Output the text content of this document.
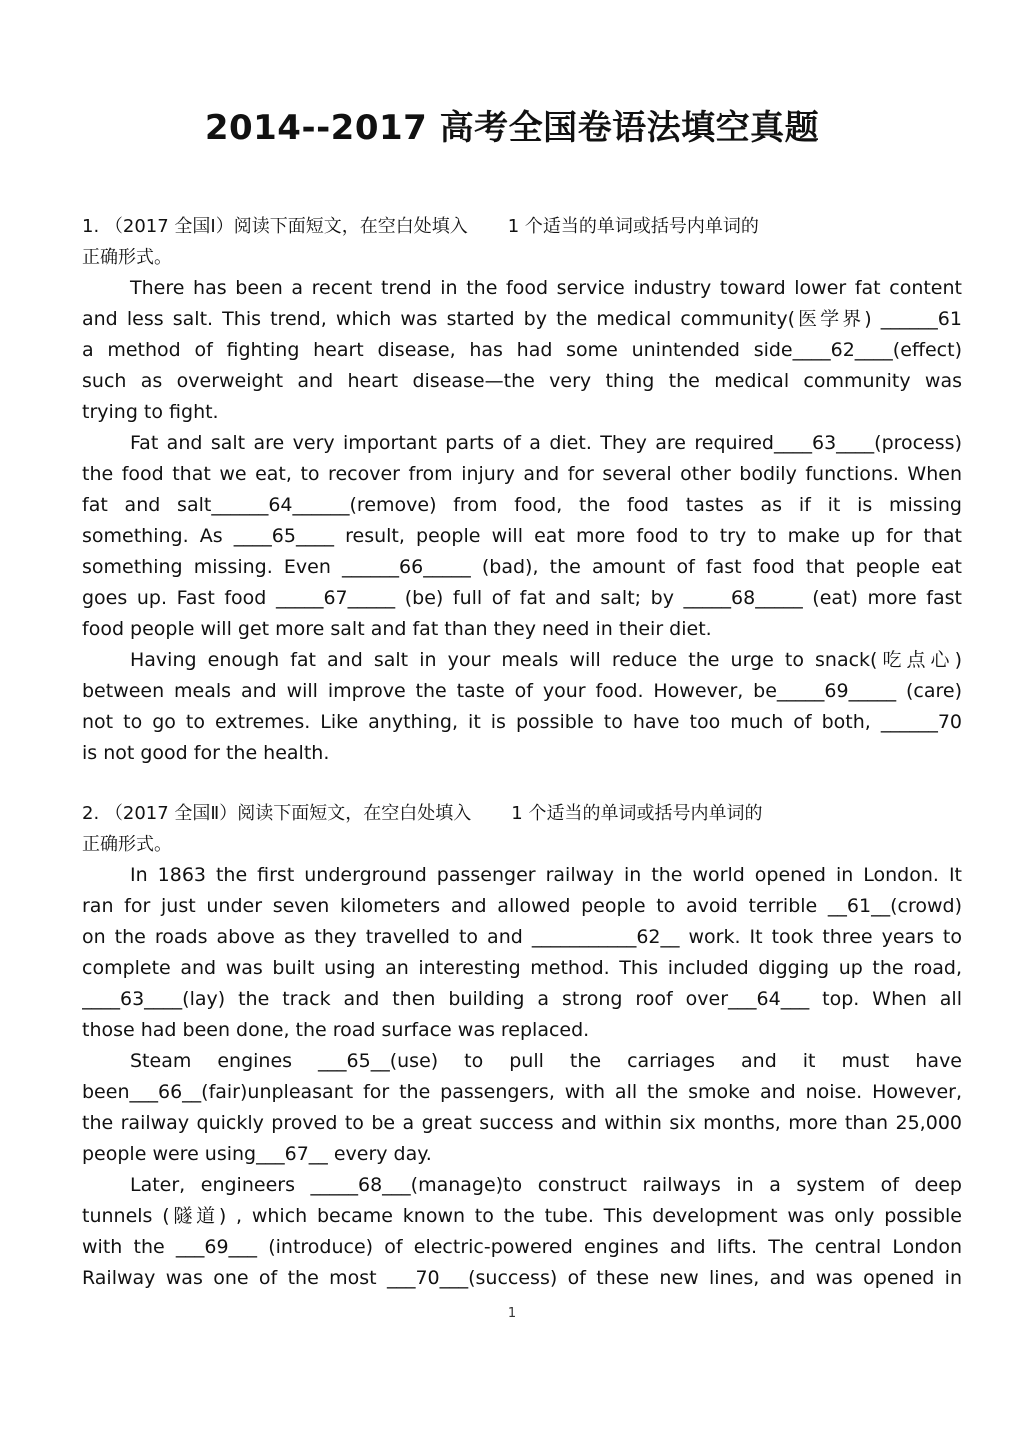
2014--2017 高考全国卷语法填空真题
1. （2017 全国Ⅰ）阅读下面短文，在空白处填入 1 个适当的单词或括号内单词的
正确形式。
There has been a recent trend in the food service industry toward lower fat content
and less salt. This trend, which was started by the medical community(医学界) ______61
a method of fighting heart disease, has had some unintended side____62____(effect)
such as overweight and heart disease—the very thing the medical community was
trying to fight.
Fat and salt are very important parts of a diet. They are required____63____(process)
the food that we eat, to recover from injury and for several other bodily functions. When
fat and salt______64______(remove) from food, the food tastes as if it is missing
something. As ____65____ result, people will eat more food to try to make up for that
something missing. Even ______66_____ (bad), the amount of fast food that people eat
goes up. Fast food _____67_____ (be) full of fat and salt; by _____68_____ (eat) more fast
food people will get more salt and fat than they need in their diet.
Having enough fat and salt in your meals will reduce the urge to snack(吃点心)
between meals and will improve the taste of your food. However, be_____69_____ (care)
not to go to extremes. Like anything, it is possible to have too much of both, ______70
is not good for the health.
2. （2017 全国Ⅱ）阅读下面短文，在空白处填入 1 个适当的单词或括号内单词的
正确形式。
In 1863 the first underground passenger railway in the world opened in London. It
ran for just under seven kilometers and allowed people to avoid terrible __61__(crowd)
on the roads above as they travelled to and ___________62__ work. It took three years to
complete and was built using an interesting method. This included digging up the road,
____63____(lay) the track and then building a strong roof over___64___ top. When all
those had been done, the road surface was replaced.
Steam engines ___65__(use) to pull the carriages and it must have
been___66__(fair)unpleasant for the passengers, with all the smoke and noise. However,
the railway quickly proved to be a great success and within six months, more than 25,000
people were using___67__ every day.
Later, engineers _____68___(manage)to construct railways in a system of deep
tunnels (隧道) , which became known to the tube. This development was only possible
with the ___69___ (introduce) of electric-powered engines and lifts. The central London
Railway was one of the most ___70___(success) of these new lines, and was opened in
1
